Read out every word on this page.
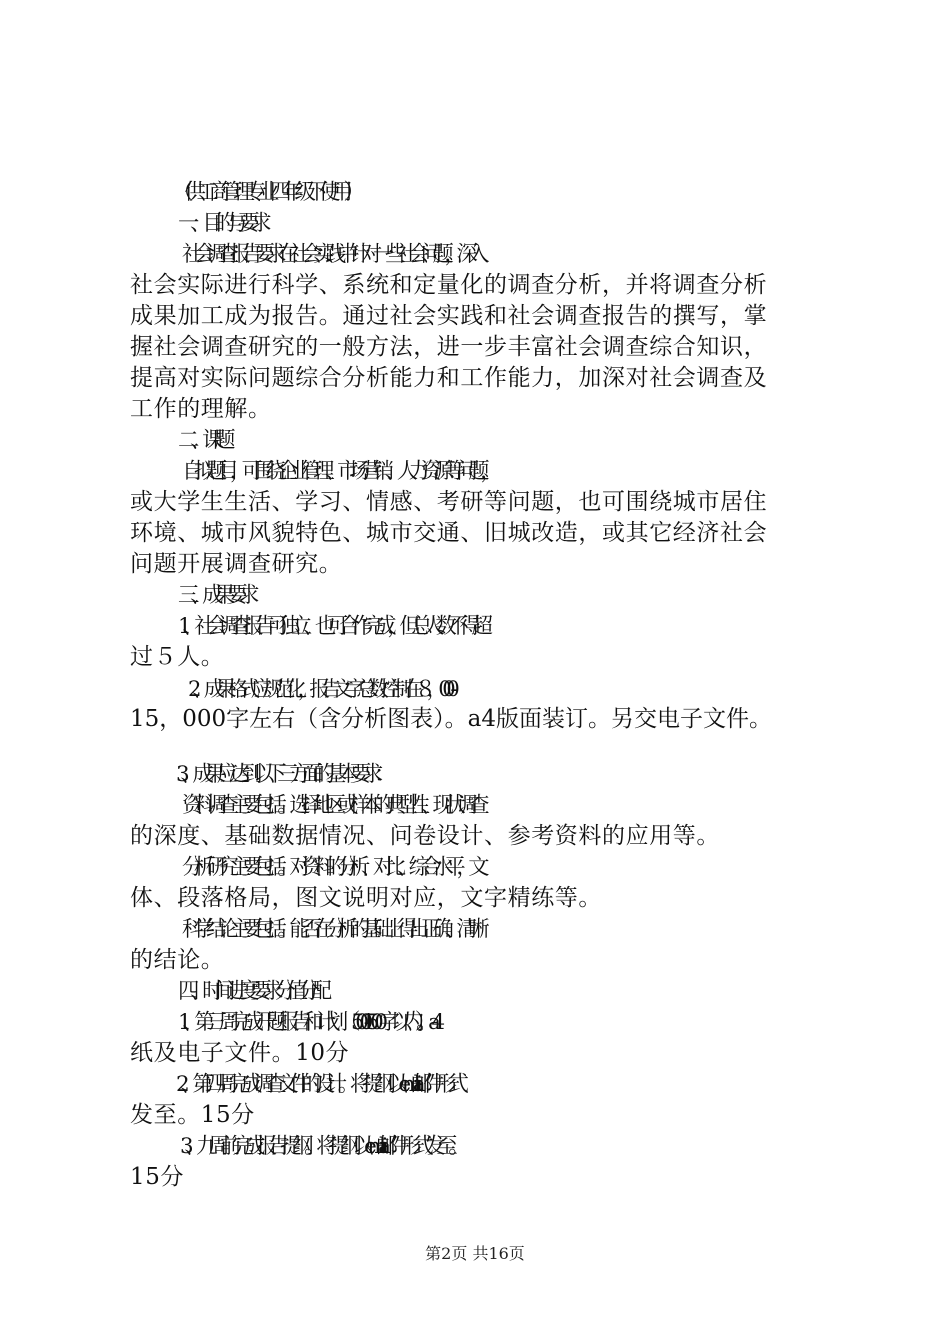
（供工商管理专业四年级下使用）
一、目的与要求
社会调查报告要求在社会实践中针对一些社会问题，深入
社会实际进行科学、系统和定量化的调查分析，并将调查分析
成果加工成为报告。通过社会实践和社会调查报告的撰写，掌
握社会调查研究的一般方法，进一步丰富社会调查综合知识，
提高对实际问题综合分析能力和工作能力，加深对社会调查及
工作的理解。
二、课题
自拟题目，可围绕企业管理、市场营销、人力资源等问题，
或大学生生活、学习、情感、考研等问题，也可围绕城市居住
环境、城市风貌特色、城市交通、旧城改造，或其它经济社会
问题开展调查研究。
三、成果要求
1、社会调查报告可独立、也可合作完成，但总人数不得超
过５人。
2、成果格式应规范化，报告文字总数控制在８，000-
15，000字左右（含分析图表）。a4版面装订。另交电子文件。
3、成果应达到以下三方面的基本要求：
资料调查主要包括。选择地区或样本的典型性、现状调查
的深度、基础数据情况、问卷设计、参考资料的应用等。
分析研究主要包括。对资料的分析、对比、综合水平，文
体、段落格局，图文说明对应，文字精练等。
科学结论主要包括。能否在分析的基础上得出正确、清晰
的结论。
四、时间进度要求分值分配
1、第三周完成开题报告和计划（500-1500字以内）。a4
纸及电子文件。10分
2、第四周完成调查文件的设计。将提纲以email邮件形式
发至。15分
3、九周前完成报告提纲。将提纲以email邮件形式发至。
15分
第2页 共16页
